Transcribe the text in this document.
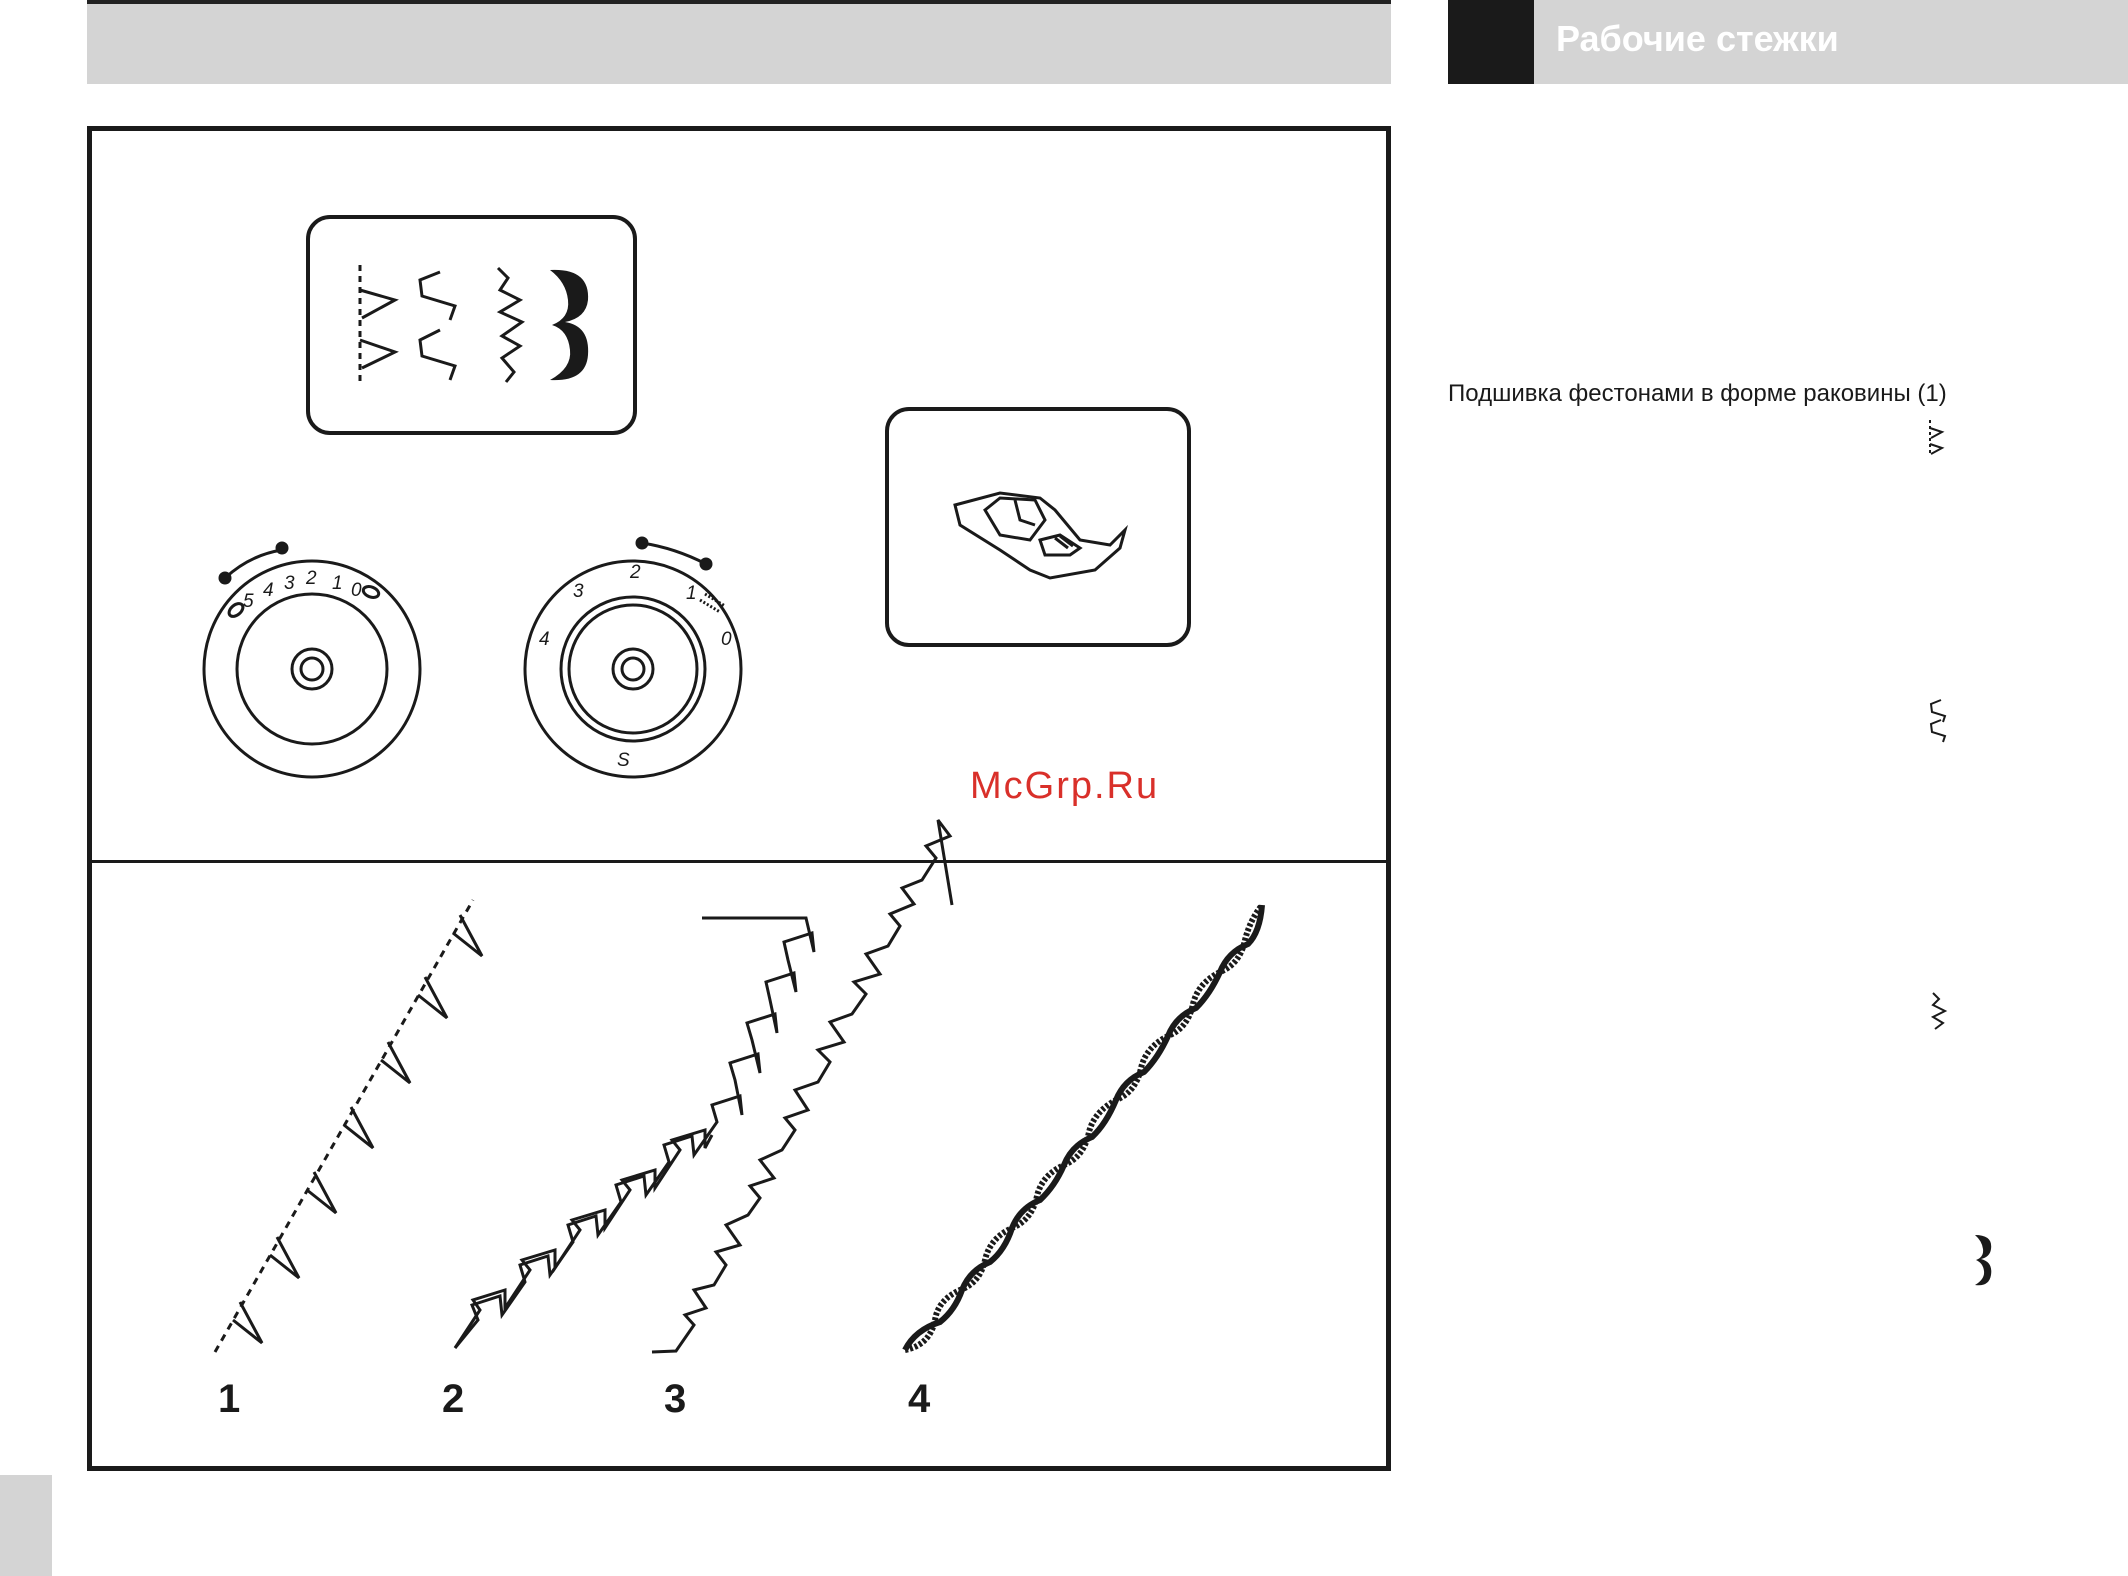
Рабочие стежки
5
4 3 2 1 0
4
3
2
1
0
S
1	2	3	4
McGrp.Ru
Подшивка фестонами в форме раковины (1)
